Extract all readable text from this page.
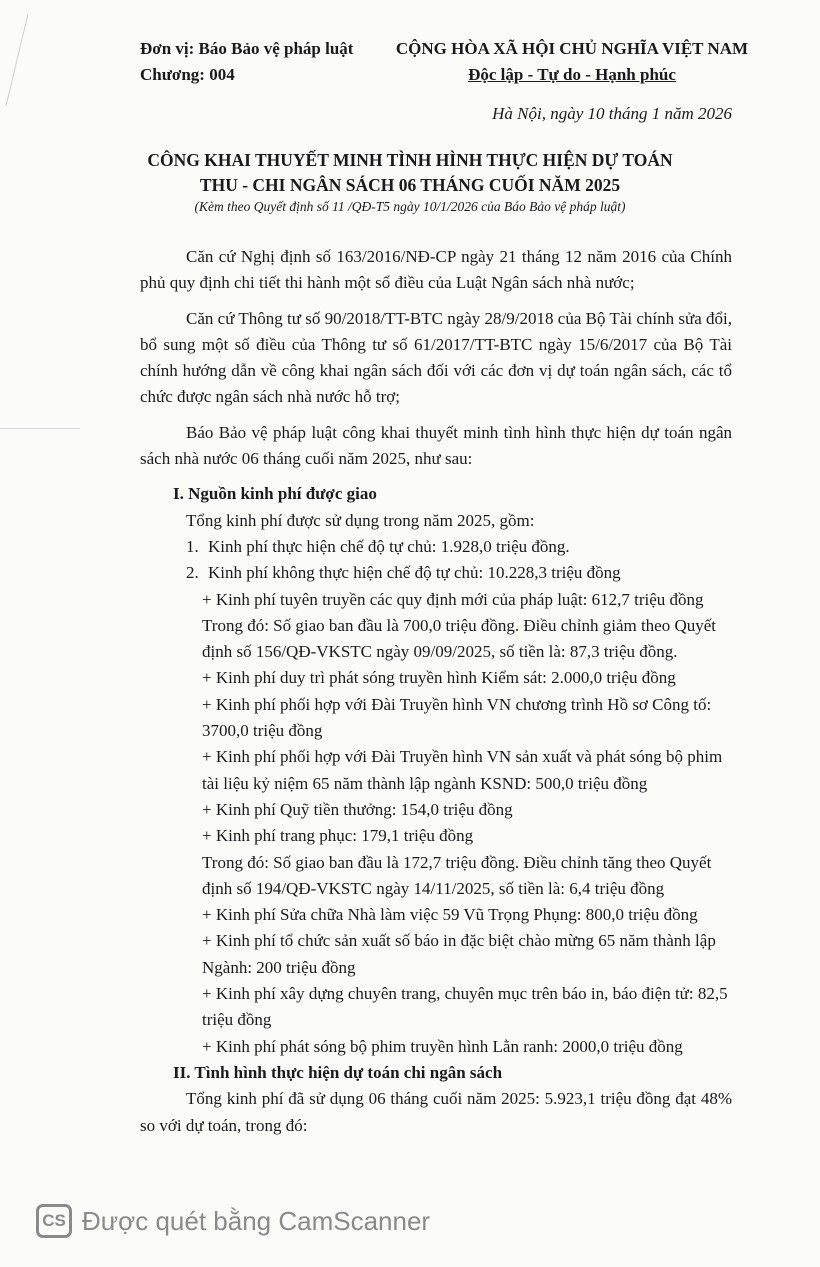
Đơn vị: Báo Bảo vệ pháp luật
Chương: 004
CỘNG HÒA XÃ HỘI CHỦ NGHĨA VIỆT NAM
Độc lập - Tự do - Hạnh phúc
Hà Nội, ngày 10 tháng 1 năm 2026
CÔNG KHAI THUYẾT MINH TÌNH HÌNH THỰC HIỆN DỰ TOÁN
THU - CHI NGÂN SÁCH 06 THÁNG CUỐI NĂM 2025
(Kèm theo Quyết định số 11 /QĐ-T5 ngày 10/1/2026 của Báo Bảo vệ pháp luật)

Căn cứ Nghị định số 163/2016/NĐ-CP ngày 21 tháng 12 năm 2016 của Chính phủ quy định chi tiết thi hành một số điều của Luật Ngân sách nhà nước;

Căn cứ Thông tư số 90/2018/TT-BTC ngày 28/9/2018 của Bộ Tài chính sửa đổi, bổ sung một số điều của Thông tư số 61/2017/TT-BTC ngày 15/6/2017 của Bộ Tài chính hướng dẫn về công khai ngân sách đối với các đơn vị dự toán ngân sách, các tổ chức được ngân sách nhà nước hỗ trợ;

Báo Bảo vệ pháp luật công khai thuyết minh tình hình thực hiện dự toán ngân sách nhà nước 06 tháng cuối năm 2025, như sau:

I. Nguồn kinh phí được giao

Tổng kinh phí được sử dụng trong năm 2025, gồm:

1. Kinh phí thực hiện chế độ tự chủ: 1.928,0 triệu đồng.

2. Kinh phí không thực hiện chế độ tự chủ: 10.228,3 triệu đồng

+ Kinh phí tuyên truyền các quy định mới của pháp luật: 612,7 triệu đồng

Trong đó: Số giao ban đầu là 700,0 triệu đồng. Điều chỉnh giảm theo Quyết định số 156/QĐ-VKSTC ngày 09/09/2025, số tiền là: 87,3 triệu đồng.

+ Kinh phí duy trì phát sóng truyền hình Kiểm sát: 2.000,0 triệu đồng

+ Kinh phí phối hợp với Đài Truyền hình VN chương trình Hồ sơ Công tố: 3700,0 triệu đồng

+ Kinh phí phối hợp với Đài Truyền hình VN sản xuất và phát sóng bộ phim tài liệu kỷ niệm 65 năm thành lập ngành KSND: 500,0 triệu đồng

+ Kinh phí Quỹ tiền thưởng: 154,0 triệu đồng

+ Kinh phí trang phục: 179,1 triệu đồng

Trong đó: Số giao ban đầu là 172,7 triệu đồng. Điều chỉnh tăng theo Quyết định số 194/QĐ-VKSTC ngày 14/11/2025, số tiền là: 6,4 triệu đồng

+ Kinh phí Sửa chữa Nhà làm việc 59 Vũ Trọng Phụng: 800,0 triệu đồng

+ Kinh phí tổ chức sản xuất số báo in đặc biệt chào mừng 65 năm thành lập Ngành: 200 triệu đồng

+ Kinh phí xây dựng chuyên trang, chuyên mục trên báo in, báo điện tử: 82,5 triệu đồng

+ Kinh phí phát sóng bộ phim truyền hình Lằn ranh: 2000,0 triệu đồng

II. Tình hình thực hiện dự toán chi ngân sách

Tổng kinh phí đã sử dụng 06 tháng cuối năm 2025: 5.923,1 triệu đồng đạt 48% so với dự toán, trong đó:

CS Được quét bằng CamScanner
